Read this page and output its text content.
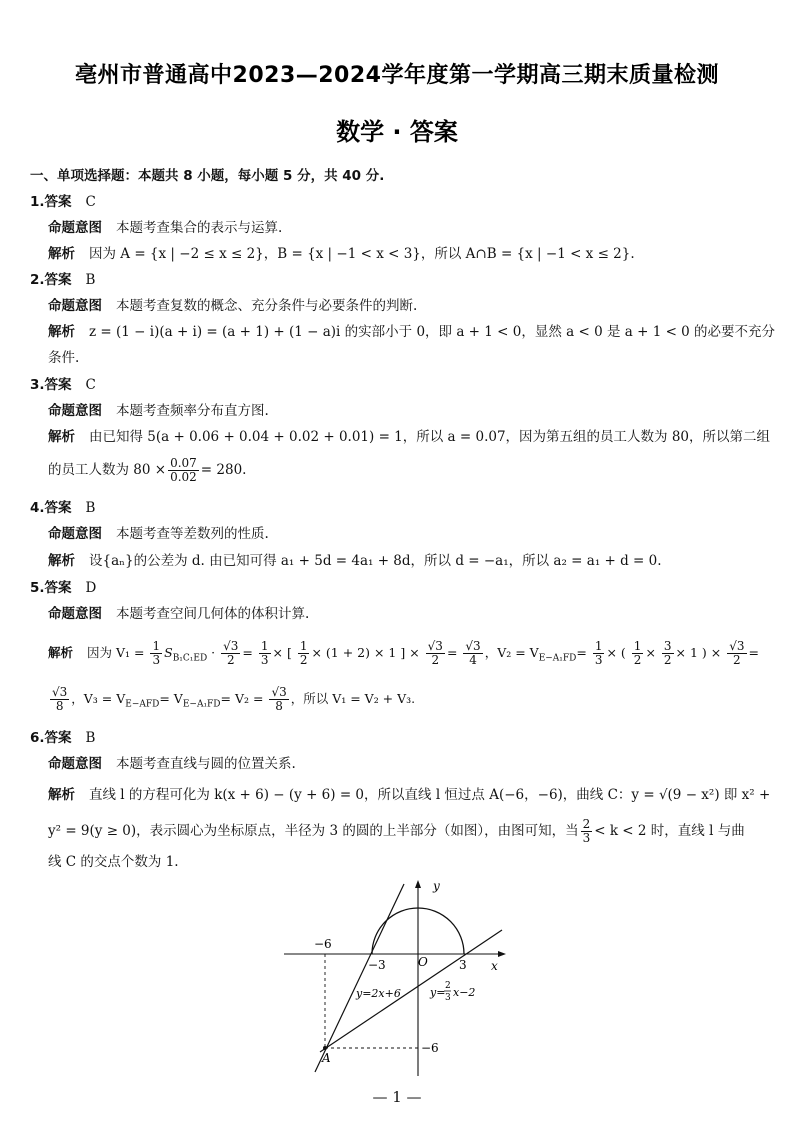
亳州市普通高中2023—2024学年度第一学期高三期末质量检测
数学 · 答案
一、单项选择题：本题共 8 小题，每小题 5 分，共 40 分.
1.答案 C
命题意图 本题考查集合的表示与运算.
解析 因为 A = {x | −2 ≤ x ≤ 2}，B = {x | −1 < x < 3}，所以 A∩B = {x | −1 < x ≤ 2}.
2.答案 B
命题意图 本题考查复数的概念、充分条件与必要条件的判断.
解析 z = (1 − i)(a + i) = (a + 1) + (1 − a)i 的实部小于 0，即 a + 1 < 0，显然 a < 0 是 a + 1 < 0 的必要不充分
条件.
3.答案 C
命题意图 本题考查频率分布直方图.
解析 由已知得 5(a + 0.06 + 0.04 + 0.02 + 0.01) = 1，所以 a = 0.07，因为第五组的员工人数为 80，所以第二组
的员工人数为 $80 \times \frac{0.07}{0.02} = 280$.
4.答案 B
命题意图 本题考查等差数列的性质.
解析 设{aₙ}的公差为 d. 由已知可得 a₁ + 5d = 4a₁ + 8d，所以 d = −a₁，所以 a₂ = a₁ + d = 0.
5.答案 D
命题意图 本题考查空间几何体的体积计算.
解析 因为 $V_1 = \frac{1}{3} S_{B_1C_1ED} \cdot \frac{√3}{2} = \frac{1}{3}$ × [ $\frac{1}{2} \times (1 + 2) \times 1$ ] × $\frac{√3}{2} = \frac{√3}{4}$ ，$V_2 = V_{E-A_1FD}= \frac{1}{3}$ × ( $\frac{1}{2} \times \frac{3}{2} \times 1$ ) × $\frac{√3}{2}$ =
$\frac{√3}{8}$ ，$V_3 = V_{E-AFD}= V_{E-A_1FD}= V_2 = \frac{√3}{8}$ ，所以 V₁ = V₂ + V₃.
6.答案 B
命题意图 本题考查直线与圆的位置关系.
解析 直线 l 的方程可化为 k(x + 6) − (y + 6) = 0，所以直线 l 恒过点 A(−6，−6)，曲线 C：y = √(9 − x²) 即 x² +
y² = 9(y ≥ 0)，表示圆心为坐标原点，半径为 3 的圆的上半部分（如图），由图可知，当 $\frac{2}{3} < k < 2$ 时，直线 l 与曲
线 C 的交点个数为 1.
y
x
O
−6
−3	3
−6
A
y=2x+6	y= 2
3 x−2
— 1 —
